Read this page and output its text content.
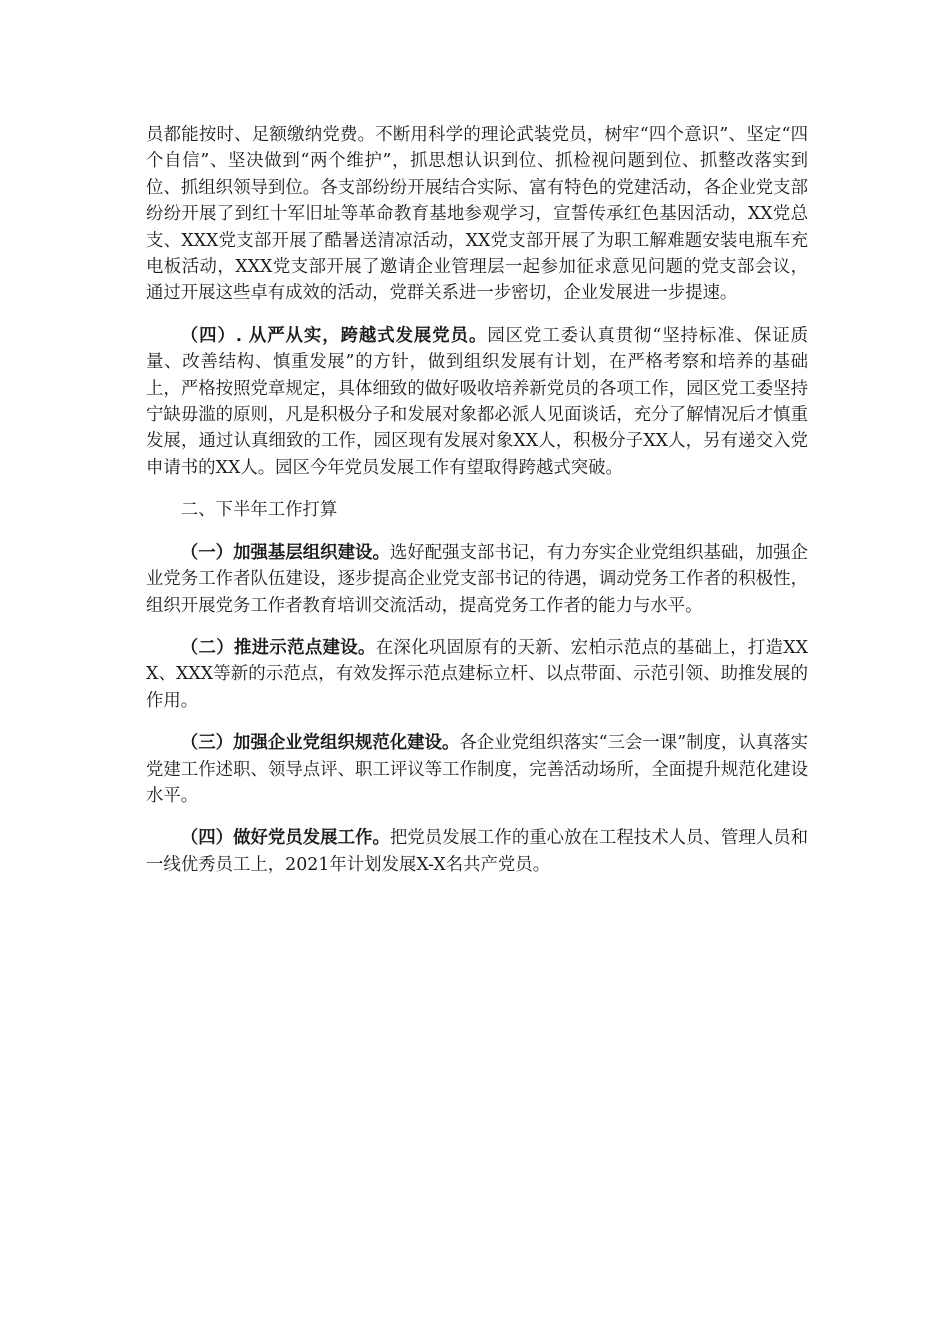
员都能按时、足额缴纳党费。不断用科学的理论武装党员，树牢“四个意识”、坚定“四个自信”、坚决做到“两个维护”，抓思想认识到位、抓检视问题到位、抓整改落实到位、抓组织领导到位。各支部纷纷开展结合实际、富有特色的党建活动，各企业党支部纷纷开展了到红十军旧址等革命教育基地参观学习，宣誓传承红色基因活动，XX党总支、XXX党支部开展了酷暑送清凉活动，XX党支部开展了为职工解难题安装电瓶车充电板活动，XXX党支部开展了邀请企业管理层一起参加征求意见问题的党支部会议，通过开展这些卓有成效的活动，党群关系进一步密切，企业发展进一步提速。

（四）. 从严从实，跨越式发展党员。园区党工委认真贯彻“坚持标准、保证质量、改善结构、慎重发展”的方针，做到组织发展有计划，在严格考察和培养的基础上，严格按照党章规定，具体细致的做好吸收培养新党员的各项工作，园区党工委坚持宁缺毋滥的原则，凡是积极分子和发展对象都必派人见面谈话，充分了解情况后才慎重发展，通过认真细致的工作，园区现有发展对象XX人，积极分子XX人，另有递交入党申请书的XX人。园区今年党员发展工作有望取得跨越式突破。

二、下半年工作打算

（一）加强基层组织建设。选好配强支部书记，有力夯实企业党组织基础，加强企业党务工作者队伍建设，逐步提高企业党支部书记的待遇，调动党务工作者的积极性，组织开展党务工作者教育培训交流活动，提高党务工作者的能力与水平。

（二）推进示范点建设。在深化巩固原有的天新、宏柏示范点的基础上，打造XXX、XXX等新的示范点，有效发挥示范点建标立杆、以点带面、示范引领、助推发展的作用。

（三）加强企业党组织规范化建设。各企业党组织落实“三会一课”制度，认真落实党建工作述职、领导点评、职工评议等工作制度，完善活动场所，全面提升规范化建设水平。

（四）做好党员发展工作。把党员发展工作的重心放在工程技术人员、管理人员和一线优秀员工上，2021年计划发展X-X名共产党员。
